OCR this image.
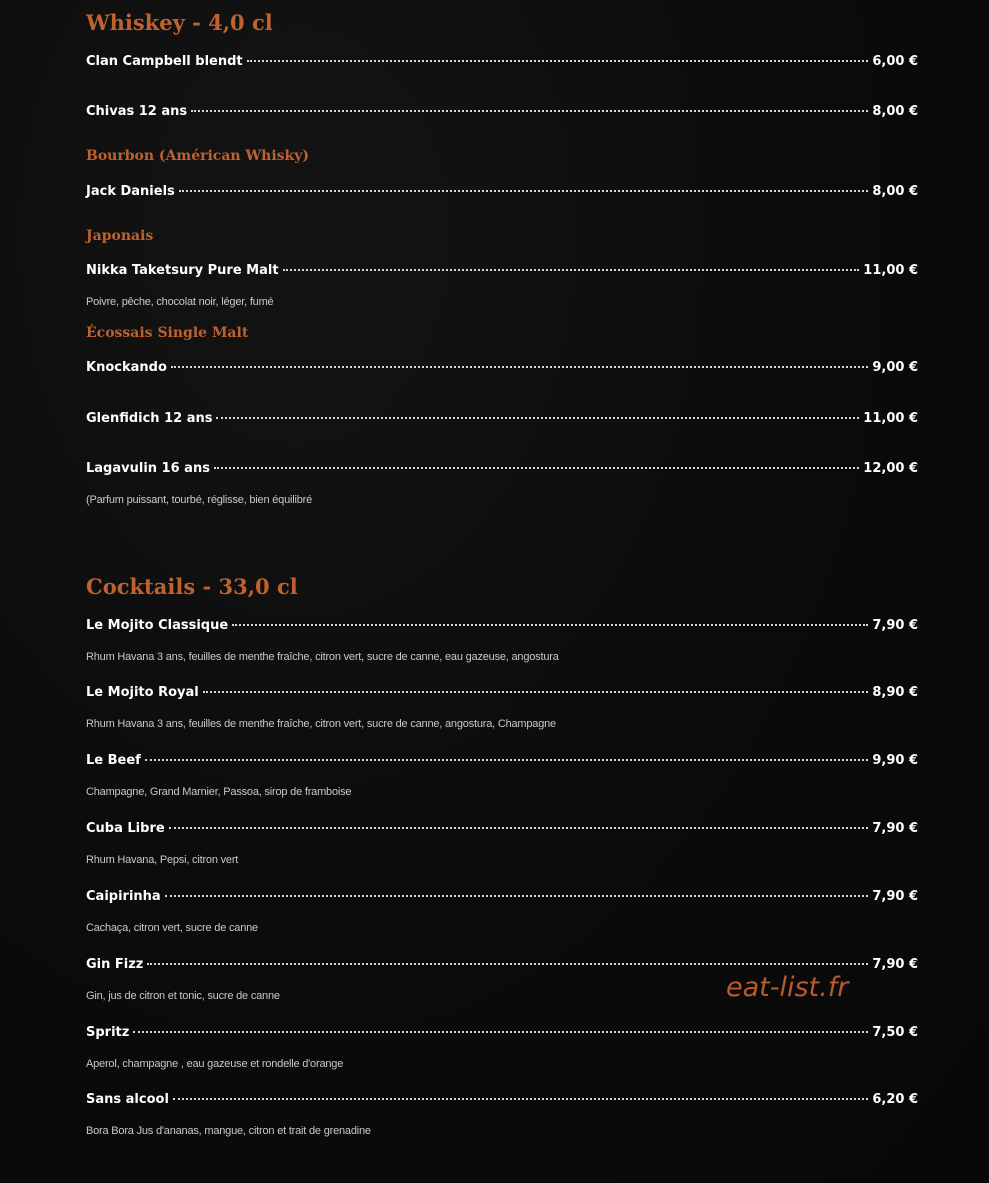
Whiskey - 4,0 cl
Clan Campbell blendt	6,00 €
Chivas 12 ans	8,00 €
Bourbon (Américan Whisky)
Jack Daniels	8,00 €
Japonais
Nikka Taketsury Pure Malt	11,00 €
Poivre, pêche, chocolat noir, léger, fumé
Écossais Single Malt
Knockando	9,00 €
Glenfidich 12 ans	11,00 €
Lagavulin 16 ans	12,00 €
(Parfum puissant, tourbé, réglisse, bien équilibré
Cocktails - 33,0 cl
Le Mojito Classique	7,90 €
Rhum Havana 3 ans, feuilles de menthe fraîche, citron vert, sucre de canne, eau gazeuse, angostura
Le Mojito Royal	8,90 €
Rhum Havana 3 ans, feuilles de menthe fraîche, citron vert, sucre de canne, angostura, Champagne
Le Beef	9,90 €
Champagne, Grand Marnier, Passoa, sirop de framboise
Cuba Libre	7,90 €
Rhum Havana, Pepsi, citron vert
Caipirinha	7,90 €
Cachaça, citron vert, sucre de canne
Gin Fizz	7,90 €
Gin, jus de citron et tonic, sucre de canne
Spritz	7,50 €
Aperol, champagne , eau gazeuse et rondelle d'orange
Sans alcool	6,20 €
Bora Bora Jus d'ananas, mangue, citron et trait de grenadine
eat-list.fr
